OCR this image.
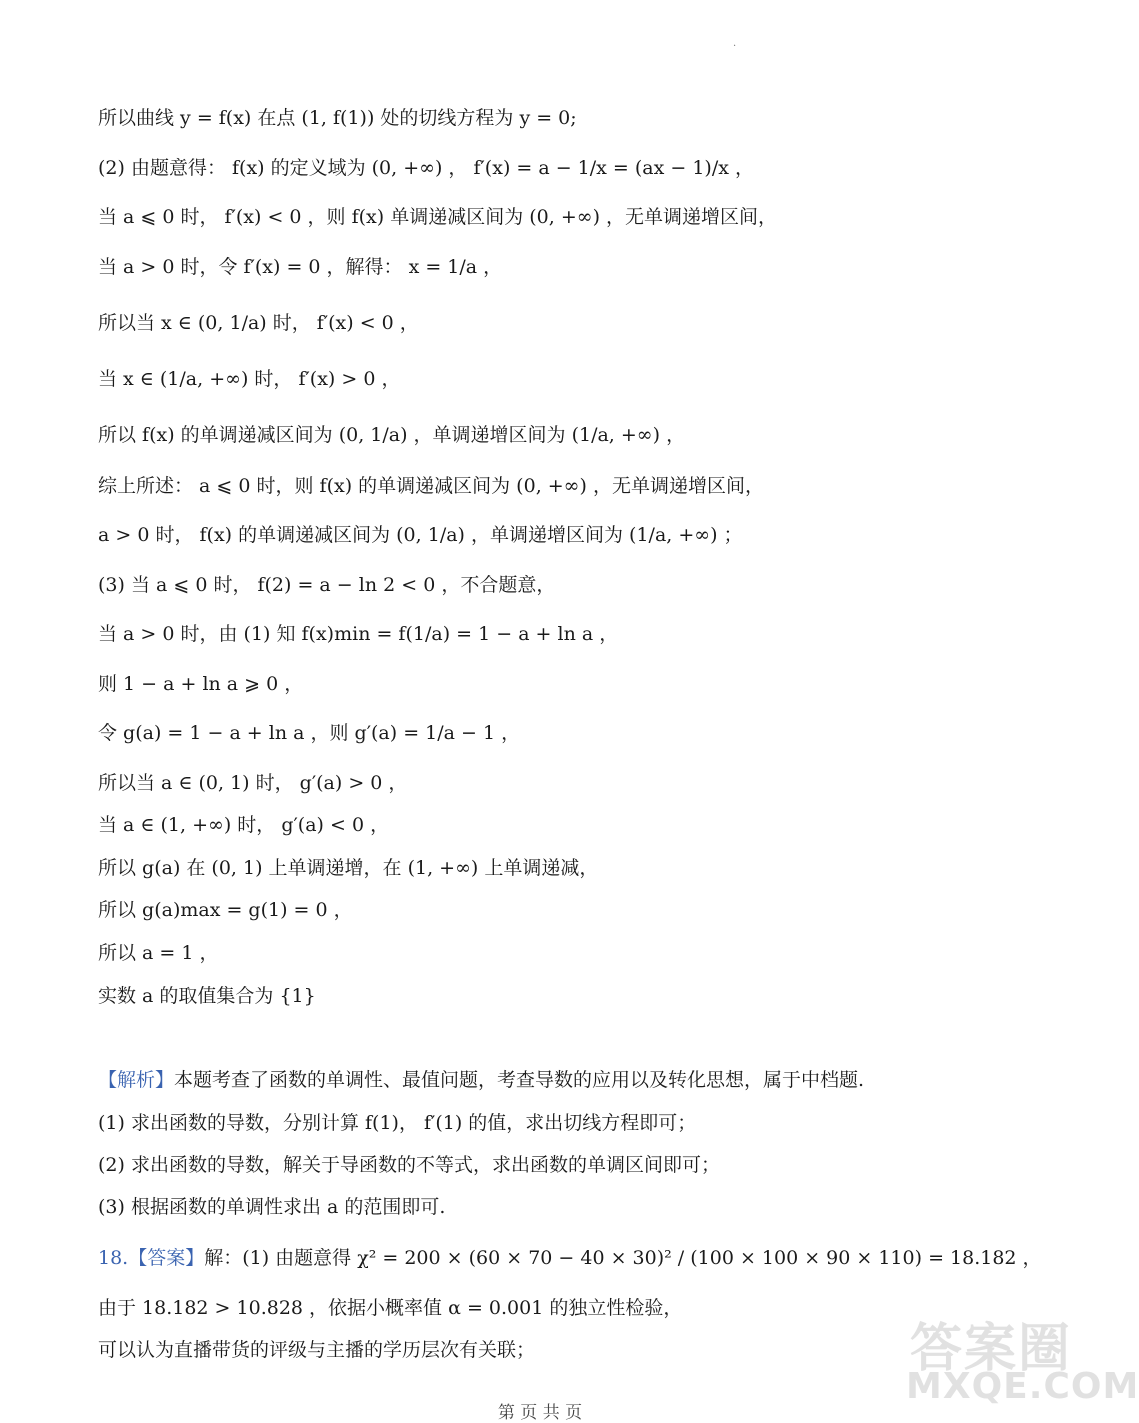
.
所以曲线 y = f(x) 在点 (1, f(1)) 处的切线方程为 y = 0;
(2) 由题意得： f(x) 的定义域为 (0, +∞) ， f′(x) = a − 1/x = (ax − 1)/x ，
当 a ⩽ 0 时， f′(x) < 0 ，则 f(x) 单调递减区间为 (0, +∞) ，无单调递增区间，
当 a > 0 时，令 f′(x) = 0 ，解得： x = 1/a ，
所以当 x ∈ (0, 1/a) 时， f′(x) < 0 ，
当 x ∈ (1/a, +∞) 时， f′(x) > 0 ，
所以 f(x) 的单调递减区间为 (0, 1/a) ，单调递增区间为 (1/a, +∞) ，
综上所述： a ⩽ 0 时，则 f(x) 的单调递减区间为 (0, +∞) ，无单调递增区间，
a > 0 时， f(x) 的单调递减区间为 (0, 1/a) ，单调递增区间为 (1/a, +∞) ；
(3) 当 a ⩽ 0 时， f(2) = a − ln 2 < 0 ，不合题意，
当 a > 0 时，由 (1) 知 f(x)min = f(1/a) = 1 − a + ln a ，
则 1 − a + ln a ⩾ 0 ，
令 g(a) = 1 − a + ln a ，则 g′(a) = 1/a − 1 ，
所以当 a ∈ (0, 1) 时， g′(a) > 0 ，
当 a ∈ (1, +∞) 时， g′(a) < 0 ，
所以 g(a) 在 (0, 1) 上单调递增，在 (1, +∞) 上单调递减，
所以 g(a)max = g(1) = 0 ，
所以 a = 1 ，
实数 a 的取值集合为 {1}
【解析】本题考查了函数的单调性、最值问题，考查导数的应用以及转化思想，属于中档题.
(1) 求出函数的导数，分别计算 f(1)， f′(1) 的值，求出切线方程即可；
(2) 求出函数的导数，解关于导函数的不等式，求出函数的单调区间即可；
(3) 根据函数的单调性求出 a 的范围即可.
18.【答案】解：(1) 由题意得 χ² = 200 × (60 × 70 − 40 × 30)² / (100 × 100 × 90 × 110) = 18.182 ，
由于 18.182 > 10.828 ，依据小概率值 α = 0.001 的独立性检验，
可以认为直播带货的评级与主播的学历层次有关联；	答案圈
MXQE.COM
第 页 共 页
